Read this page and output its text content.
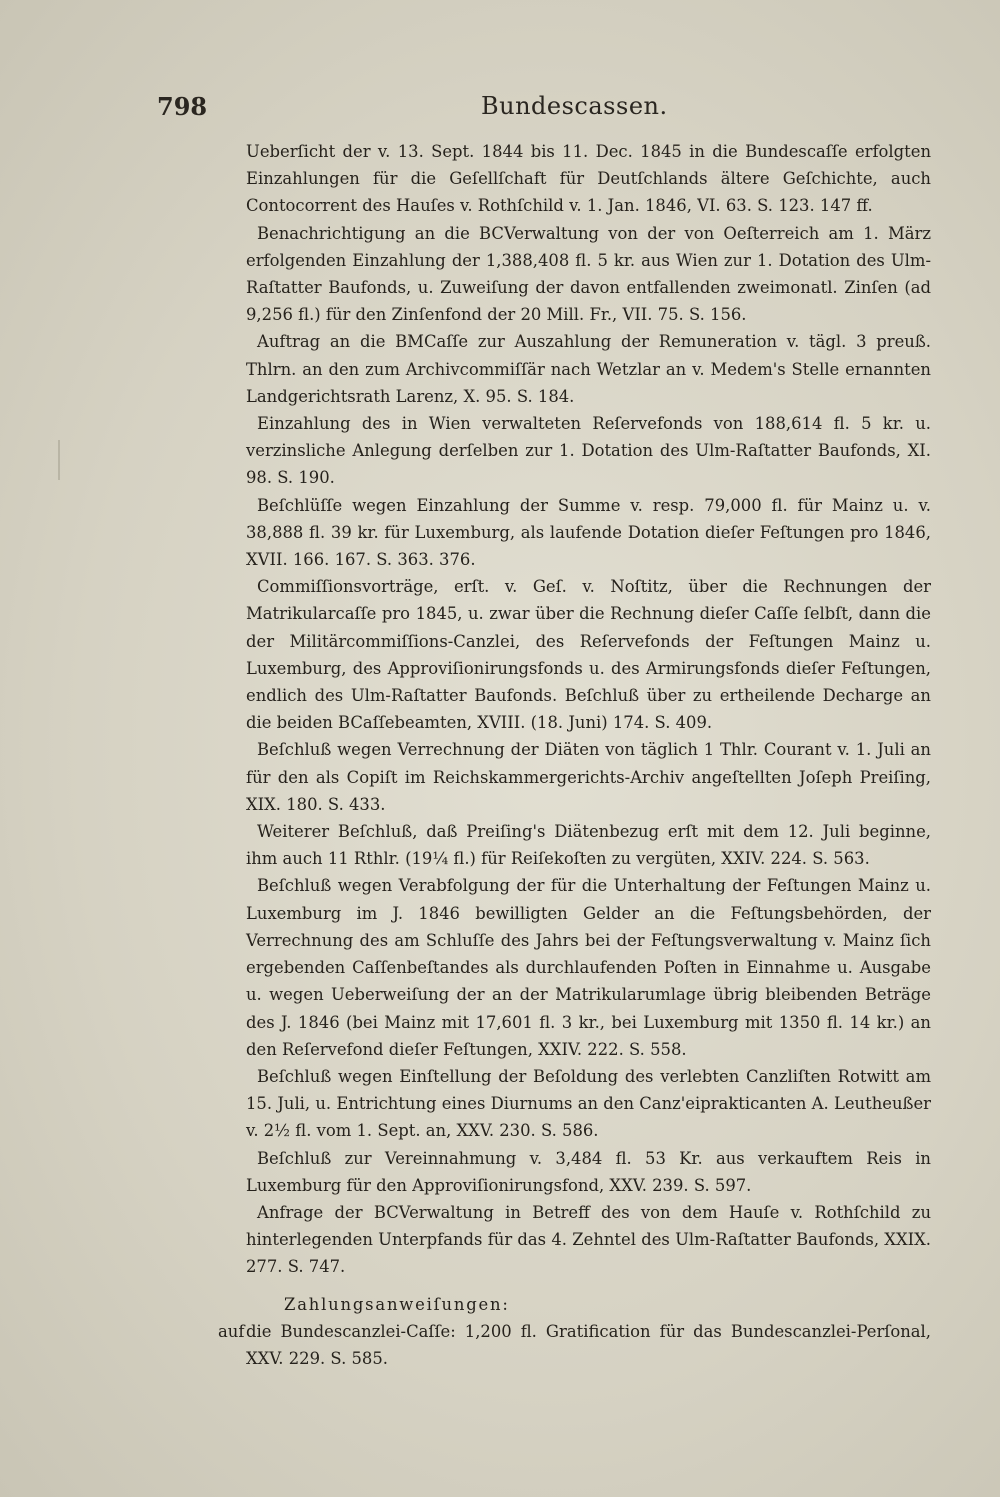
798	Bundescassen.

Ueberſicht der v. 13. Sept. 1844 bis 11. Dec. 1845 in die Bundescaſſe erfolgten Einzahlungen für die Geſellſchaft für Deutſchlands ältere Geſchichte, auch Contocorrent des Hauſes v. Rothſchild v. 1. Jan. 1846, VI. 63. S. 123. 147 ff.

Benachrichtigung an die BCVerwaltung von der von Oeſterreich am 1. März erfolgenden Einzahlung der 1,388,408 fl. 5 kr. aus Wien zur 1. Dotation des Ulm-Raſtatter Baufonds, u. Zuweiſung der davon entfallenden zweimonatl. Zinſen (ad 9,256 fl.) für den Zinſenfond der 20 Mill. Fr., VII. 75. S. 156.

Auftrag an die BMCaſſe zur Auszahlung der Remuneration v. tägl. 3 preuß. Thlrn. an den zum Archivcommiſſär nach Wetzlar an v. Medem's Stelle ernannten Landgerichtsrath Larenz, X. 95. S. 184.

Einzahlung des in Wien verwalteten Reſervefonds von 188,614 fl. 5 kr. u. verzinsliche Anlegung derſelben zur 1. Dotation des Ulm-Raſtatter Baufonds, XI. 98. S. 190.

Beſchlüſſe wegen Einzahlung der Summe v. resp. 79,000 fl. für Mainz u. v. 38,888 fl. 39 kr. für Luxemburg, als laufende Dotation dieſer Feſtungen pro 1846, XVII. 166. 167. S. 363. 376.

Commiſſionsvorträge, erſt. v. Geſ. v. Noſtitz, über die Rechnungen der Matrikularcaſſe pro 1845, u. zwar über die Rechnung dieſer Caſſe ſelbſt, dann die der Militärcommiſſions-Canzlei, des Reſervefonds der Feſtungen Mainz u. Luxemburg, des Approviſionirungsfonds u. des Armirungsfonds dieſer Feſtungen, endlich des Ulm-Raſtatter Baufonds. Beſchluß über zu ertheilende Decharge an die beiden BCaſſebeamten, XVIII. (18. Juni) 174. S. 409.

Beſchluß wegen Verrechnung der Diäten von täglich 1 Thlr. Courant v. 1. Juli an für den als Copiſt im Reichskammergerichts-Archiv angeſtellten Joſeph Preiſing, XIX. 180. S. 433.

Weiterer Beſchluß, daß Preiſing's Diätenbezug erſt mit dem 12. Juli beginne, ihm auch 11 Rthlr. (19¼ fl.) für Reiſekoſten zu vergüten, XXIV. 224. S. 563.

Beſchluß wegen Verabfolgung der für die Unterhaltung der Feſtungen Mainz u. Luxemburg im J. 1846 bewilligten Gelder an die Feſtungsbehörden, der Verrechnung des am Schluſſe des Jahrs bei der Feſtungsverwaltung v. Mainz ſich ergebenden Caſſenbeſtandes als durchlaufenden Poſten in Einnahme u. Ausgabe u. wegen Ueberweiſung der an der Matrikularumlage übrig bleibenden Beträge des J. 1846 (bei Mainz mit 17,601 fl. 3 kr., bei Luxemburg mit 1350 fl. 14 kr.) an den Reſervefond dieſer Feſtungen, XXIV. 222. S. 558.

Beſchluß wegen Einſtellung der Beſoldung des verlebten Canzliſten Rotwitt am 15. Juli, u. Entrichtung eines Diurnums an den Canz'eiprakticanten A. Leutheußer v. 2½ fl. vom 1. Sept. an, XXV. 230. S. 586.

Beſchluß zur Vereinnahmung v. 3,484 fl. 53 Kr. aus verkauftem Reis in Luxemburg für den Approviſionirungsfond, XXV. 239. S. 597.

Anfrage der BCVerwaltung in Betreff des von dem Hauſe v. Rothſchild zu hinterlegenden Unterpfands für das 4. Zehntel des Ulm-Raſtatter Baufonds, XXIX. 277. S. 747.

Zahlungsanweiſungen:

auf die Bundescanzlei-Caſſe: 1,200 fl. Gratification für das Bundescanzlei-Perſonal, XXV. 229. S. 585.
